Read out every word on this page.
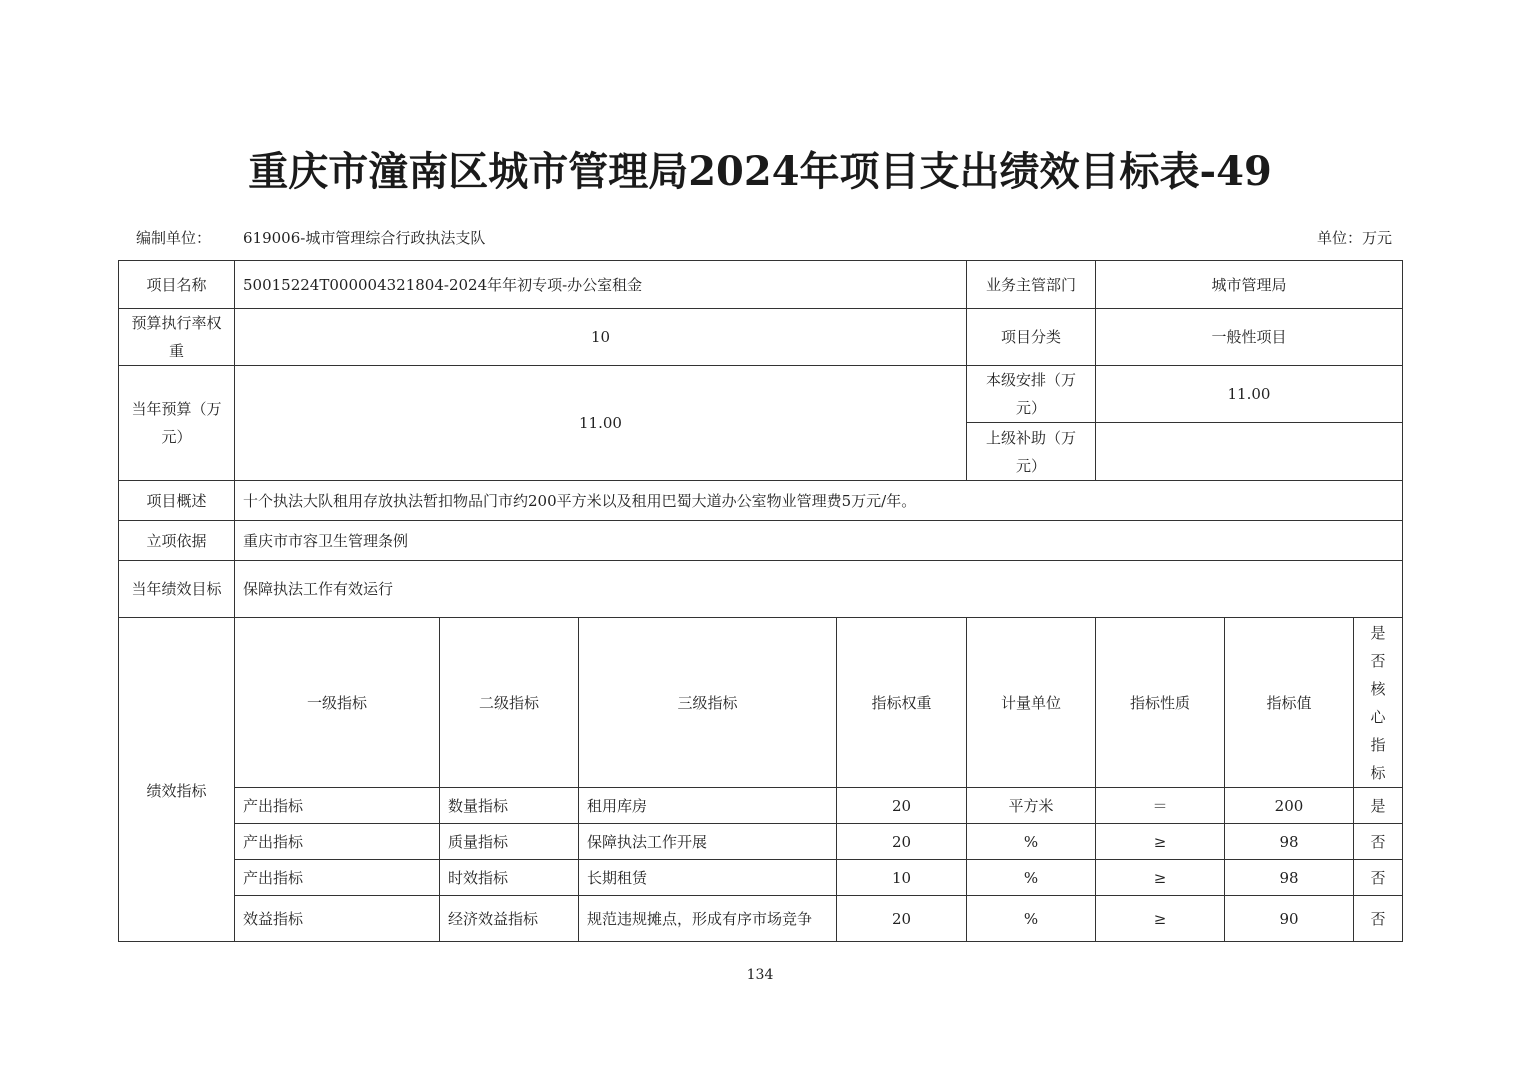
重庆市潼南区城市管理局2024年项目支出绩效目标表-49
编制单位： 619006-城市管理综合行政执法支队	单位：万元
项目名称	50015224T000004321804-2024年年初专项-办公室租金				业务主管部门	城市管理局		
预算执行率权重	10				项目分类	一般性项目		
当年预算（万元）	11.00				本级安排（万元）	11.00		
					上级补助（万元）			
项目概述	十个执法大队租用存放执法暂扣物品门市约200平方米以及租用巴蜀大道办公室物业管理费5万元/年。							
立项依据	重庆市市容卫生管理条例							
当年绩效目标	保障执法工作有效运行							
绩效指标	一级指标	二级指标	三级指标	指标权重	计量单位	指标性质	指标值	是否核心指标
	产出指标	数量指标	租用库房	20	平方米	＝	200	是
	产出指标	质量指标	保障执法工作开展	20	%	≥	98	否
	产出指标	时效指标	长期租赁	10	%	≥	98	否
	效益指标	经济效益指标	规范违规摊点，形成有序市场竞争	20	%	≥	90	否
134
